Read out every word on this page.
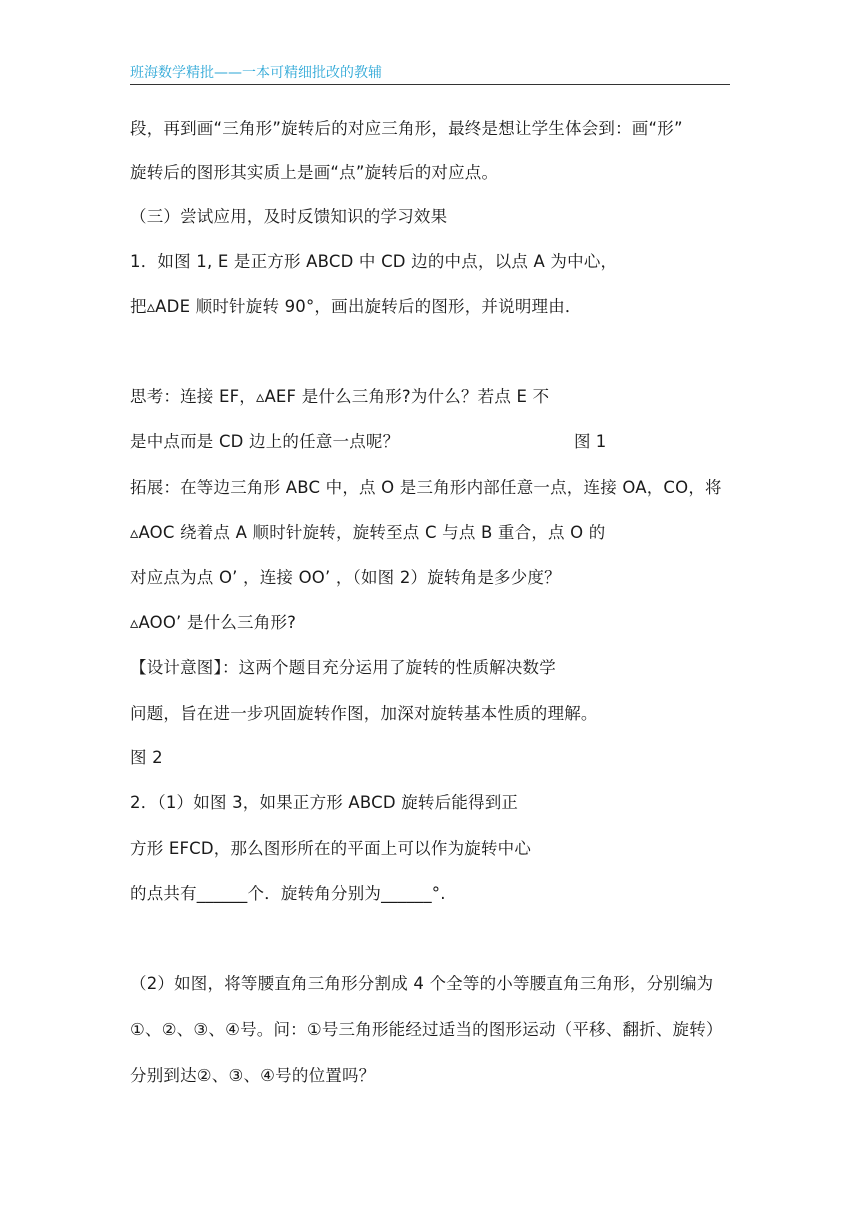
班海数学精批——一本可精细批改的教辅
段，再到画“三角形”旋转后的对应三角形，最终是想让学生体会到：画“形”
旋转后的图形其实质上是画“点”旋转后的对应点。
（三）尝试应用，及时反馈知识的学习效果
1．如图 1, E 是正方形 ABCD 中 CD 边的中点，以点 A 为中心，
把▵ADE 顺时针旋转 90°，画出旋转后的图形，并说明理由．
思考：连接 EF，▵AEF 是什么三角形?为什么？若点 E 不
是中点而是 CD 边上的任意一点呢？	图 1
拓展：在等边三角形 ABC 中，点 O 是三角形内部任意一点，连接 OA，CO，将
▵AOC 绕着点 A 顺时针旋转，旋转至点 C 与点 B 重合，点 O 的
对应点为点 O’ ，连接 OO’ ，（如图 2）旋转角是多少度？
▵AOO’ 是什么三角形?
【设计意图】：这两个题目充分运用了旋转的性质解决数学
问题，旨在进一步巩固旋转作图，加深对旋转基本性质的理解。
图 2
2．（1）如图 3，如果正方形 ABCD 旋转后能得到正
方形 EFCD，那么图形所在的平面上可以作为旋转中心
的点共有______个．旋转角分别为______°.
（2）如图，将等腰直角三角形分割成 4 个全等的小等腰直角三角形，分别编为
①、②、③、④号。问：①号三角形能经过适当的图形运动（平移、翻折、旋转）
分别到达②、③、④号的位置吗？
